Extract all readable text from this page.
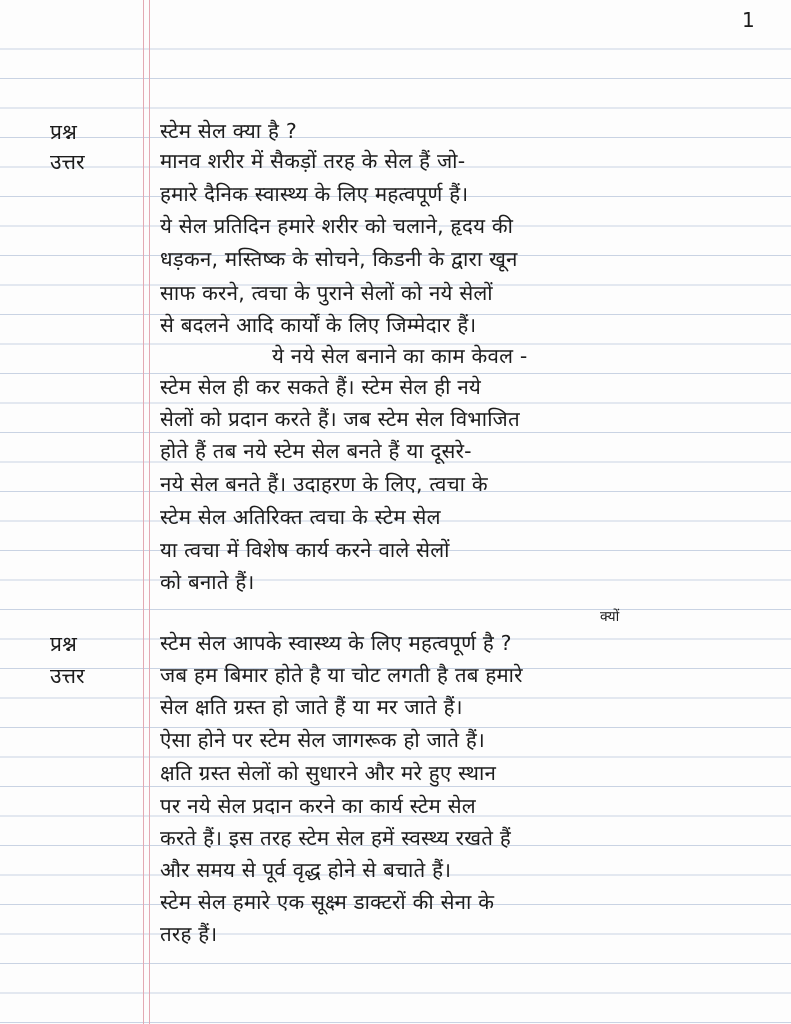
1
प्रश्न
उत्तर
स्टेम सेल क्या है ?
मानव शरीर में सैकड़ों तरह के सेल हैं जो-
हमारे दैनिक स्वास्थ्य के लिए महत्वपूर्ण हैं।
ये सेल प्रतिदिन हमारे शरीर को चलाने, हृदय की
धड़कन, मस्तिष्क के सोचने, किडनी के द्वारा खून
साफ करने, त्वचा के पुराने सेलों को नये सेलों
से बदलने आदि कार्यों के लिए जिम्मेदार हैं।
ये नये सेल बनाने का काम केवल -
स्टेम सेल ही कर सकते हैं। स्टेम सेल ही नये
सेलों को प्रदान करते हैं। जब स्टेम सेल विभाजित
होते हैं तब नये स्टेम सेल बनते हैं या दूसरे-
नये सेल बनते हैं। उदाहरण के लिए, त्वचा के
स्टेम सेल अतिरिक्त त्वचा के स्टेम सेल
या त्वचा में विशेष कार्य करने वाले सेलों
को बनाते हैं।
प्रश्न
उत्तर
क्यों
स्टेम सेल आपके स्वास्थ्य के लिए महत्वपूर्ण है ?
जब हम बिमार होते है या चोट लगती है तब हमारे
सेल क्षति ग्रस्त हो जाते हैं या मर जाते हैं।
ऐसा होने पर स्टेम सेल जागरूक हो जाते हैं।
क्षति ग्रस्त सेलों को सुधारने और मरे हुए स्थान
पर नये सेल प्रदान करने का कार्य स्टेम सेल
करते हैं। इस तरह स्टेम सेल हमें स्वस्थ्य रखते हैं
और समय से पूर्व वृद्ध होने से बचाते हैं।
स्टेम सेल हमारे एक सूक्ष्म डाक्टरों की सेना के
तरह हैं।
